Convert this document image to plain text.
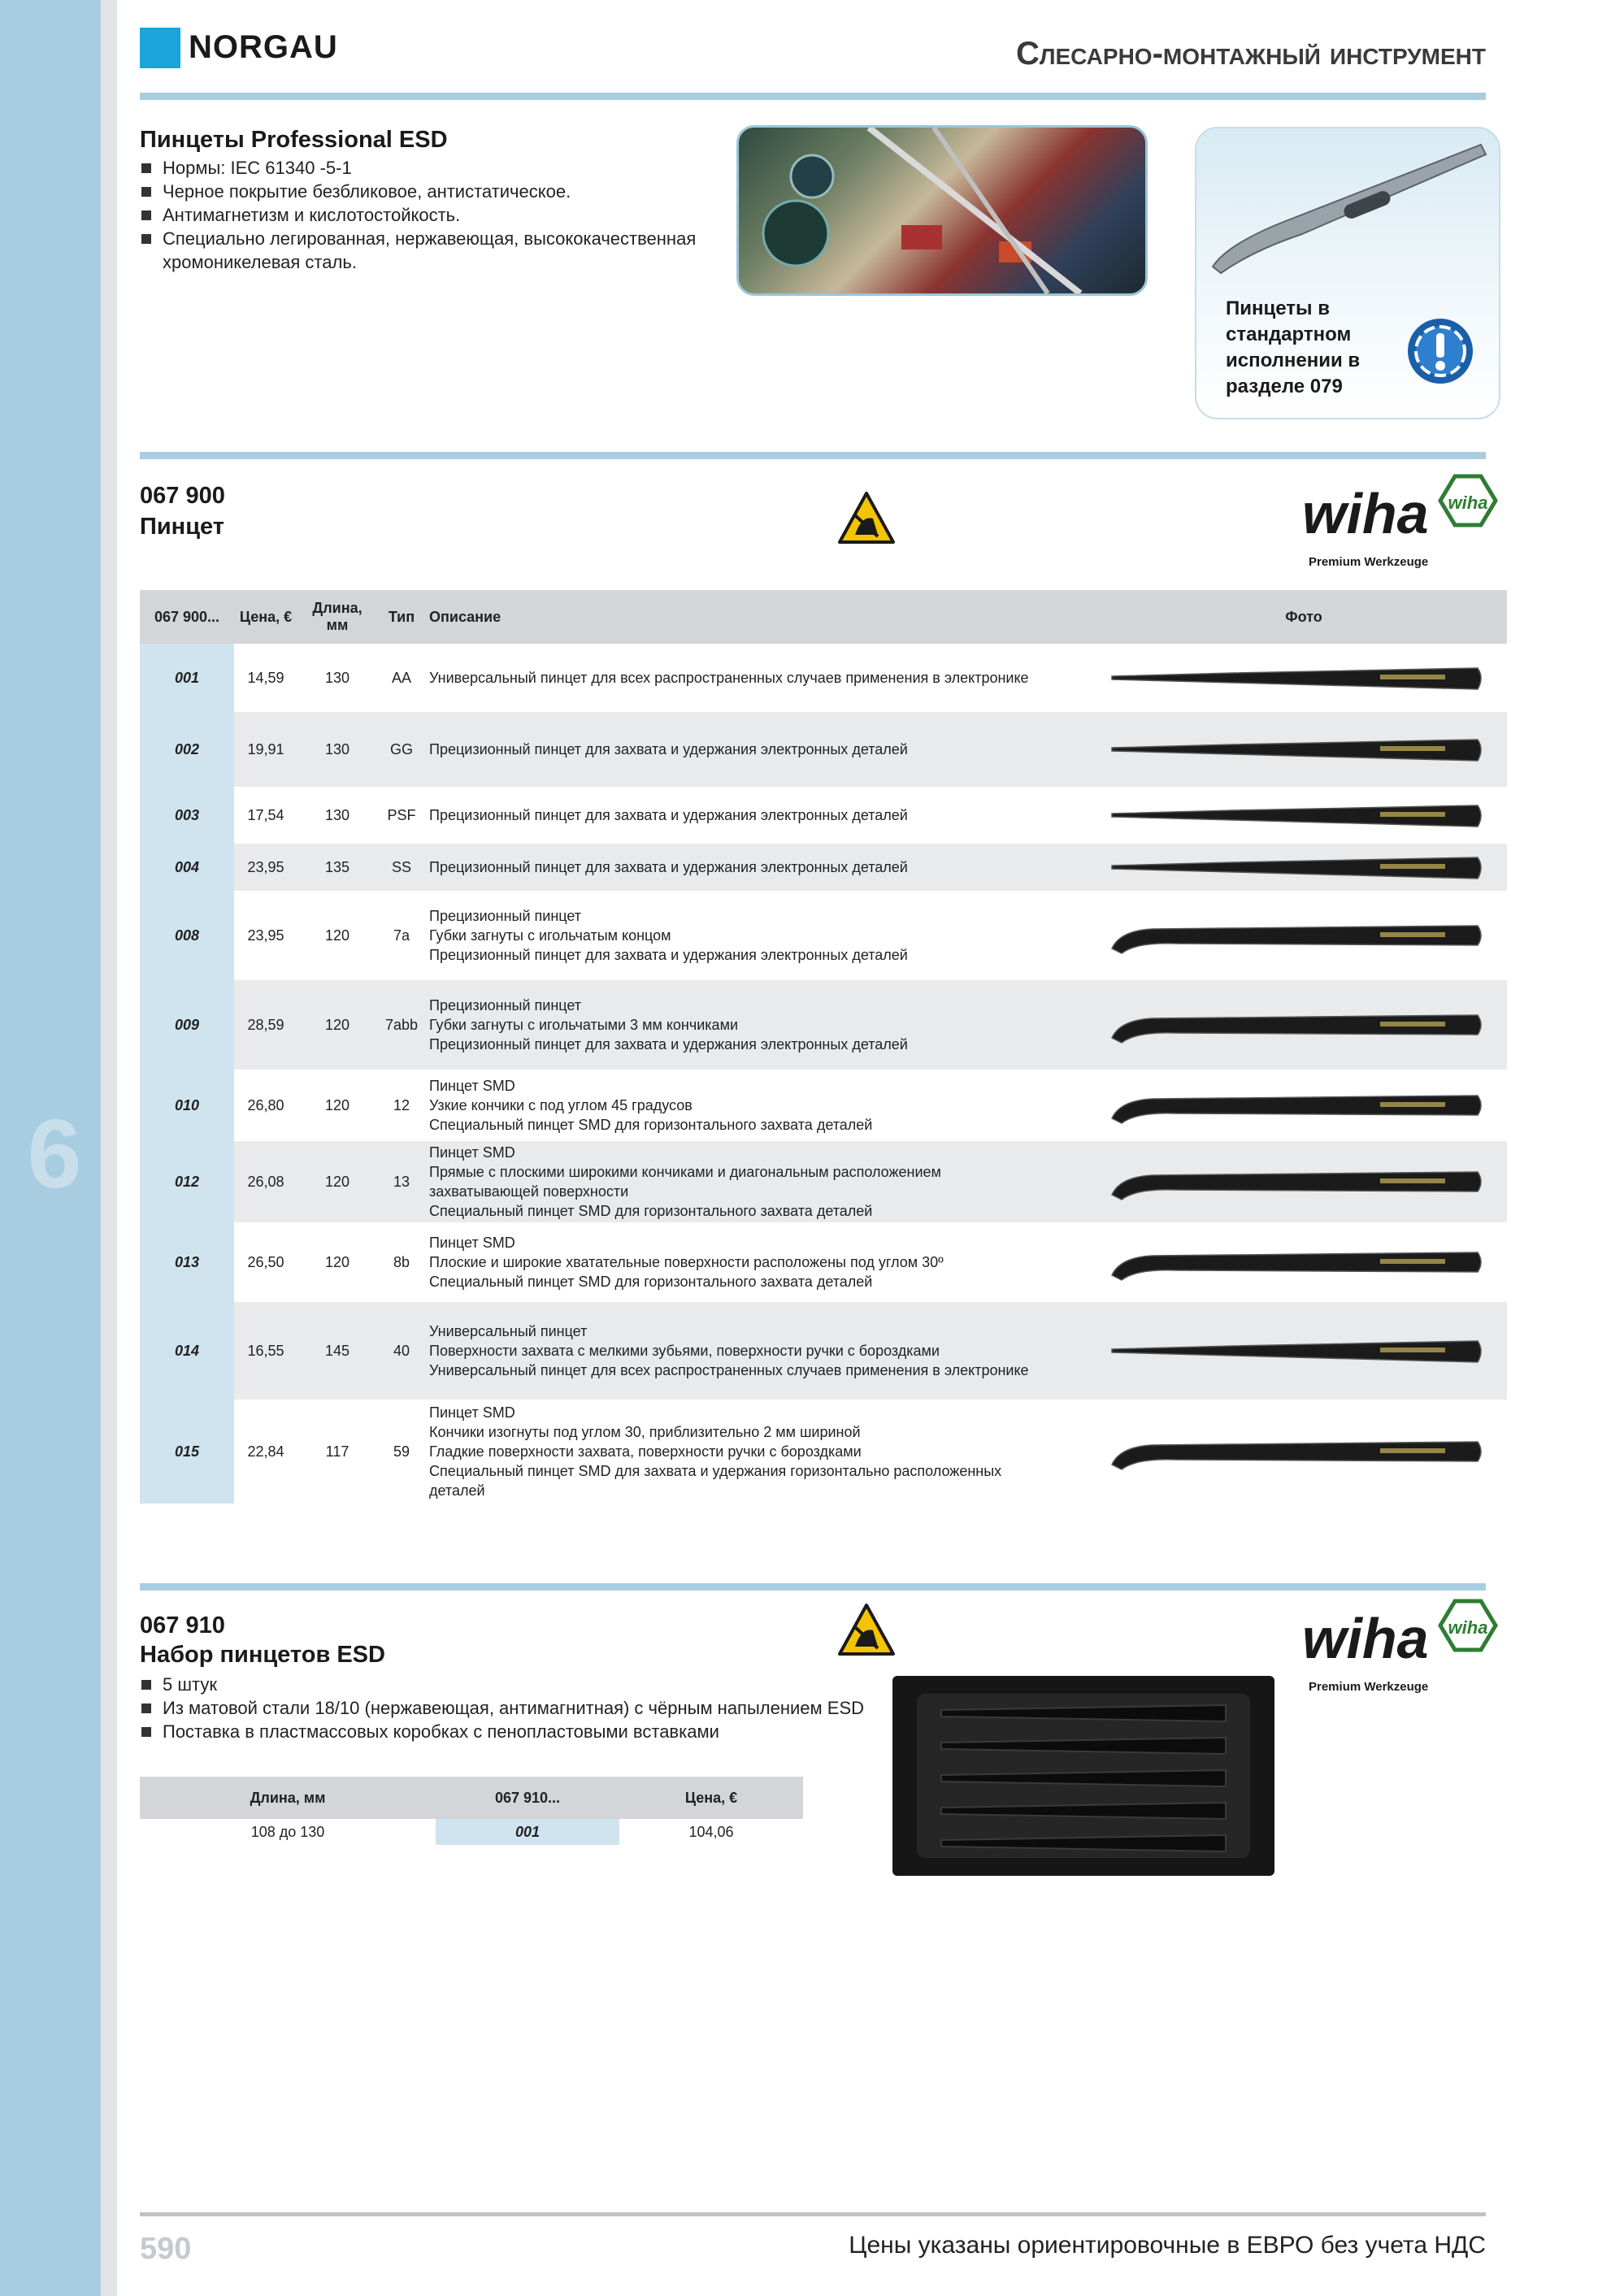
6
NORGAU	Слесарно-монтажный инструмент
Пинцеты Professional ESD
Нормы: IEC 61340 -5-1
Черное покрытие безбликовое, антистатическое.
Антимагнетизм и кислотостойкость.
Специально легированная, нержавеющая, высококачественная хромоникелевая сталь.
Пинцеты в стандартном исполнении в разделе 079
067 900
Пинцет	wiha wiha
Premium Werkzeuge
067 900...	Цена, €	Длина, мм	Тип	Описание	Фото
001	14,59	130	AA	Универсальный пинцет для всех распространенных случаев применения в электронике

002	19,91	130	GG	Прецизионный пинцет для захвата и удержания электронных деталей

003	17,54	130	PSF	Прецизионный пинцет для захвата и удержания электронных деталей

004	23,95	135	SS	Прецизионный пинцет для захвата и удержания электронных деталей

008	23,95	120	7a	Прецизионный пинцет
Губки загнуты с игольчатым концом
Прецизионный пинцет для захвата и удержания электронных деталей

009	28,59	120	7abb	Прецизионный пинцет
Губки загнуты с игольчатыми 3 мм кончиками
Прецизионный пинцет для захвата и удержания электронных деталей

010	26,80	120	12	Пинцет SMD
Узкие кончики с под углом 45 градусов
Специальный пинцет SMD для горизонтального захвата деталей

012	26,08	120	13	Пинцет SMD
Прямые с плоскими широкими кончиками и диагональным расположением
захватывающей поверхности
Специальный пинцет SMD для горизонтального захвата деталей

013	26,50	120	8b	Пинцет SMD
Плоские и широкие хватательные поверхности расположены под углом 30º
Специальный пинцет SMD для горизонтального захвата деталей

014	16,55	145	40	Универсальный пинцет
Поверхности захвата с мелкими зубьями, поверхности ручки с бороздками
Универсальный пинцет для всех распространенных случаев применения в электронике

015	22,84	117	59	Пинцет SMD
Кончики изогнуты под углом 30, приблизительно 2 мм шириной
Гладкие поверхности захвата, поверхности ручки с бороздками
Специальный пинцет SMD для захвата и удержания горизонтально расположенных
деталей

067 910
Набор пинцетов ESD
5 штук
Из матовой стали 18/10 (нержавеющая, антимагнитная) с чёрным напылением ESD
Поставка в пластмассовых коробках с пенопластовыми вставками
wiha wiha
Premium Werkzeuge
Длина, мм	067 910...	Цена, €
108 до 130	001	104,06
590	Цены указаны ориентировочные в ЕВРО без учета НДС
